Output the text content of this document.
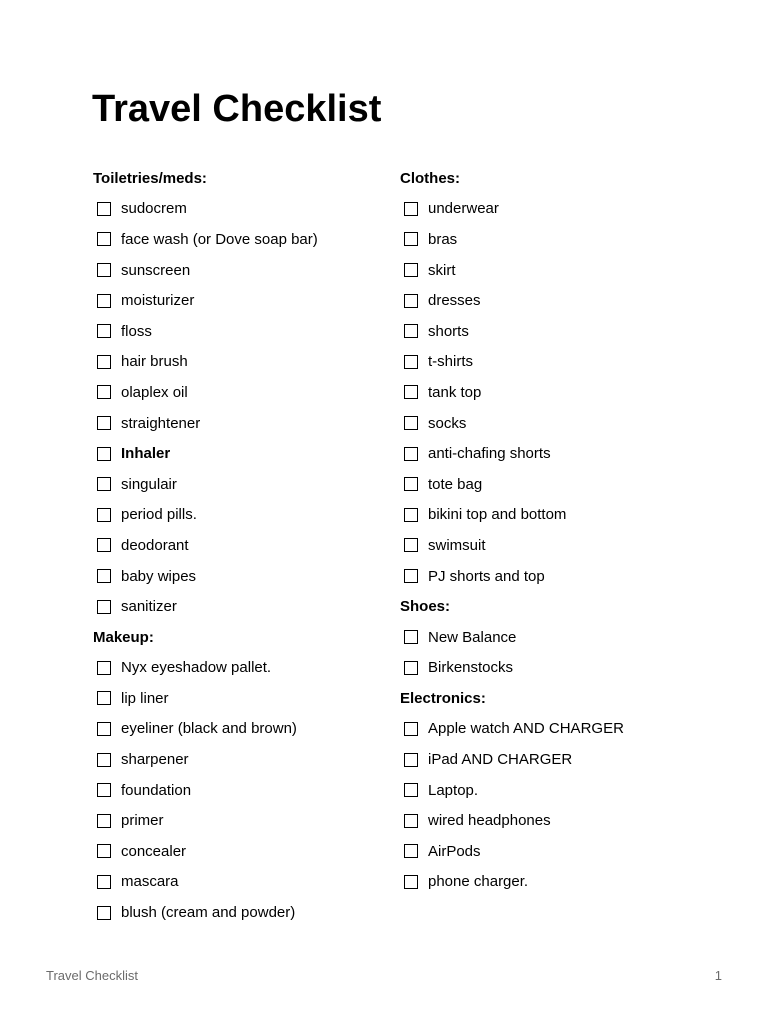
Travel Checklist
Toiletries/meds:
sudocrem
face wash (or Dove soap bar)
sunscreen
moisturizer
floss
hair brush
olaplex oil
straightener
Inhaler
singulair
period pills.
deodorant
baby wipes
sanitizer
Makeup:
Nyx eyeshadow pallet.
lip liner
eyeliner (black and brown)
sharpener
foundation
primer
concealer
mascara
blush (cream and powder)
Clothes:
underwear
bras
skirt
dresses
shorts
t-shirts
tank top
socks
anti-chafing shorts
tote bag
bikini top and bottom
swimsuit
PJ shorts and top
Shoes:
New Balance
Birkenstocks
Electronics:
Apple watch AND CHARGER
iPad AND CHARGER
Laptop.
wired headphones
AirPods
phone charger.
Travel Checklist	1
